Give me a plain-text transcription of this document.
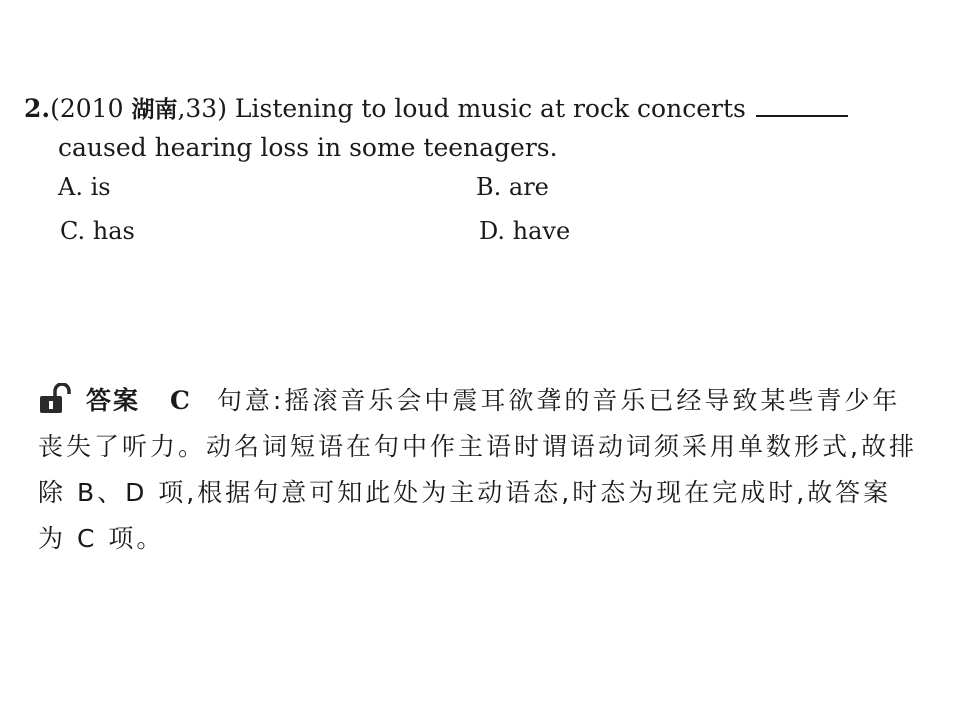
2.(2010 湖南,33) Listening to loud music at rock concerts
caused hearing loss in some teenagers.
A. is	B. are
C. has	D. have
答案 C 句意:摇滚音乐会中震耳欲聋的音乐已经导致某些青少年丧失了听力。动名词短语在句中作主语时谓语动词须采用单数形式,故排除 B、D 项,根据句意可知此处为主动语态,时态为现在完成时,故答案为 C 项。
